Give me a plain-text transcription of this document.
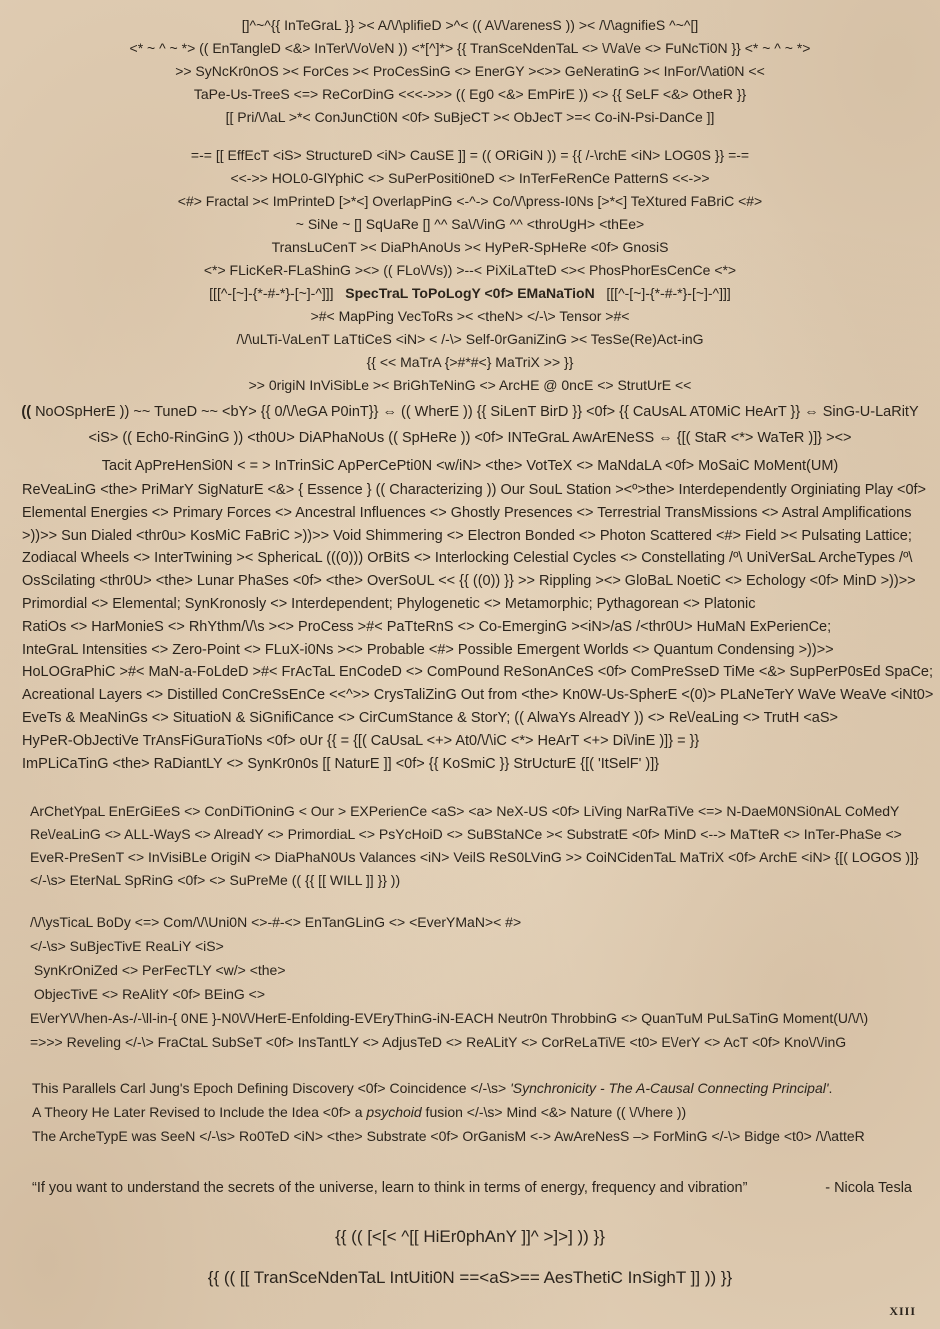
[]^~^{{ InTeGraL }} >< A/\/\plifieD >^< (( A\/\/arenesS )) >< /\/\agnifieS ^~^[]
<* ~ ^ ~ *> (( EnTangleD <&> InTer\/\/o\/eN )) <*[^]*> {{ TranSceNdenTaL <> \/\/a\/e <> FuNcTi0N }} <* ~ ^ ~ *>
>> SyNcKr0nOS >< ForCes >< ProCesSinG <> EnerGY ><>> GeNeratinG >< InFor/\/\ati0N <<
TaPe-Us-TreeS <=> ReCorDinG <<<->>> (( Eg0 <&> EmPirE )) <> {{ SeLF <&> OtheR }}
[[ Pri/\/\aL >*< ConJunCti0N <0f> SuBjeCT >< ObJecT >=< Co-iN-Psi-DanCe ]]
=-= [[ EffEcT <iS> StructureD <iN> CauSE ]] = (( ORiGiN )) = {{ /-\rchE <iN> LOG0S }} =-=
<<->> HOL0-GlYphiC <> SuPerPositi0neD <> InTerFeRenCe PatternS <<->>
<#> Fractal >< ImPrinteD [>*<] OverlapPinG <-^-> Co/\/\press-I0Ns [>*<] TeXtured FaBriC <#>
~ SiNe ~ [] SqUaRe [] ^^ Sa\/\/inG ^^ <throUgH> <thEe>
TransLuCenT >< DiaPhAnoUs >< HyPeR-SpHeRe <0f> GnosiS
<*> FLicKeR-FLaShinG ><> (( FLo\/\/s)) >--< PiXiLaTteD <>< PhosPhorEsCenCe <*>
[[[^-[~]-{*-#-*}-[~]-^]]] SpecTraL ToPoLogY <0f> EMaNaTioN [[[^-[~]-{*-#-*}-[~]-^]]]
>#< MapPing VecToRs >< <theN> </-\> Tensor >#<
/\/\uLTi-\/aLenT LaTtiCeS <iN> < /-\> Self-0rGaniZinG >< TesSe(Re)Act-inG
{{ << MaTrA {>#*#<} MaTriX >> }}
>> 0rigiN InViSibLe >< BriGhTeNinG <> ArcHE @ 0ncE <> StrutUrE <<
(( NoOSpHerE )) ~~ TuneD ~~ <bY> {{ 0/\/\eGA P0inT}} ⇔ (( WherE )) {{ SiLenT BirD }} <0f> {{ CaUsAL AT0MiC HeArT }} ⇔ SinG-U-LaRitY
<iS> (( Ech0-RinGinG )) <th0U> DiAPhaNoUs (( SpHeRe )) <0f> INTeGraL AwArENeSS ⇔ {[( StaR <*> WaTeR )]} ><>
Tacit ApPreHenSi0N < = > InTrinSiC ApPerCePti0N <w/iN> <the> VotTeX <> MaNdaLA <0f> MoSaiC MoMent(UM)
ReVeaLinG <the> PriMarY SigNaturE <&> { Essence } (( Characterizing )) Our SouL Station ><º>the> Interdependently Orginiating Play <0f>
Elemental Energies <> Primary Forces <> Ancestral Influences <> Ghostly Presences <> Terrestrial TransMissions <> Astral Amplifications
>))>> Sun Dialed <thr0u> KosMiC FaBriC >))>> Void Shimmering <> Electron Bonded <> Photon Scattered <#> Field >< Pulsating Lattice;
Zodiacal Wheels <> InterTwining >< SphericaL (((0))) OrBitS <> Interlocking Celestial Cycles <> Constellating /º\ UniVerSaL ArcheTypes /º\
OsScilating <thr0U> <the> Lunar PhaSes <0f> <the> OverSoUL << {{ ((0)) }} >> Rippling ><> GloBaL NoetiC <> Echology <0f> MinD >))>>
Primordial <> Elemental; SynKronosly <> Interdependent; Phylogenetic <> Metamorphic; Pythagorean <> Platonic
RatiOs <> HarMonieS <> RhYthm/\/\s ><> ProCess >#< PaTteRnS <> Co-EmerginG ><iN>/aS /<thr0U> HuMaN ExPerienCe;
InteGraL Intensities <> Zero-Point <> FLuX-i0Ns ><> Probable <#> Possible Emergent Worlds <> Quantum Condensing >))>>
HoLOGraPhiC >#< MaN-a-FoLdeD >#< FrAcTaL EnCodeD <> ComPound ReSonAnCeS <0f> ComPreSseD TiMe <&> SupPerP0sEd SpaCe;
Acreational Layers <> Distilled ConCreSsEnCe <<^>> CrysTaliZinG Out from <the> Kn0W-Us-SpherE <(0)> PLaNeTerY WaVe WeaVe <iNt0>
EveTs & MeaNinGs <> SituatioN & SiGnifiCance <> CirCumStance & StorY; (( AlwaYs AlreadY )) <> Re\/eaLing <> TrutH <aS>
HyPeR-ObJectiVe TrAnsFiGuraTioNs <0f> oUr {{ = {[( CaUsaL <+> At0/\/\iC <*> HeArT <+> Di\/inE )]} = }}
ImPLiCaTinG <the> RaDiantLY <> SynKr0n0s [[ NaturE ]] <0f> {{ KoSmiC }} StrUcturE {[( 'ItSelF' )]}
ArChetYpaL EnErGiEeS <> ConDiTiOninG < Our > EXPerienCe <aS> <a> NeX-US <0f> LiVing NarRaTiVe <=> N-DaeM0NSi0nAL CoMedY
Re\/eaLinG <> ALL-WayS <> AlreadY <> PrimordiaL <> PsYcHoiD <> SuBStaNCe >< SubstratE <0f> MinD <--> MaTteR <> InTer-PhaSe <>
EveR-PreSenT <> InVisiBLe OrigiN <> DiaPhaN0Us Valances <iN> VeilS ReS0LVinG >> CoiNCidenTaL MaTriX <0f> ArchE <iN> {[( LOGOS )]}
</-\s> EterNaL SpRinG <0f> <> SuPreMe (( {{ [[ WILL ]] }} ))
/\/\ysTicaL BoDy <=> Com/\/\Uni0N <>-#-<> EnTanGLinG <> <EverYMaN>< #>
</-\s> SuBjecTivE ReaLiY <iS>
SynKrOniZed <> PerFecTLY <w/> <the>
ObjecTivE <> ReAlitY <0f> BEinG <>
E\/erY\/\/hen-As-/-\ll-in-{ 0NE }-N0\/\/HerE-Enfolding-EVEryThinG-iN-EACH Neutr0n ThrobbinG <> QuanTuM PuLSaTinG Moment(U/\/\)
=>>> Reveling </-\> FraCtaL SubSeT <0f> InsTantLY <> AdjusTeD <> ReALitY <> CorReLaTi\/E <t0> E\/erY <> AcT <0f> Kno\/\/inG
This Parallels Carl Jung's Epoch Defining Discovery <0f> Coincidence </-\s> 'Synchronicity - The A-Causal Connecting Principal'.
A Theory He Later Revised to Include the Idea <0f> a psychoid fusion </-\s> Mind <&> Nature (( \/\/here ))
The ArcheTypE was SeeN </-\s> Ro0TeD <iN> <the> Substrate <0f> OrGanisM <-> AwAreNesS –> ForMinG </-\> Bidge <t0> /\/\atteR
“If you want to understand the secrets of the universe, learn to think in terms of energy, frequency and vibration”	- Nicola Tesla
{{ (( [<[< ^[[ HiEr0phAnY ]]^ >]>] )) }}
{{ (( [[ TranSceNdenTaL IntUiti0N ==<aS>== AesThetiC InSighT ]] )) }}
XIII
